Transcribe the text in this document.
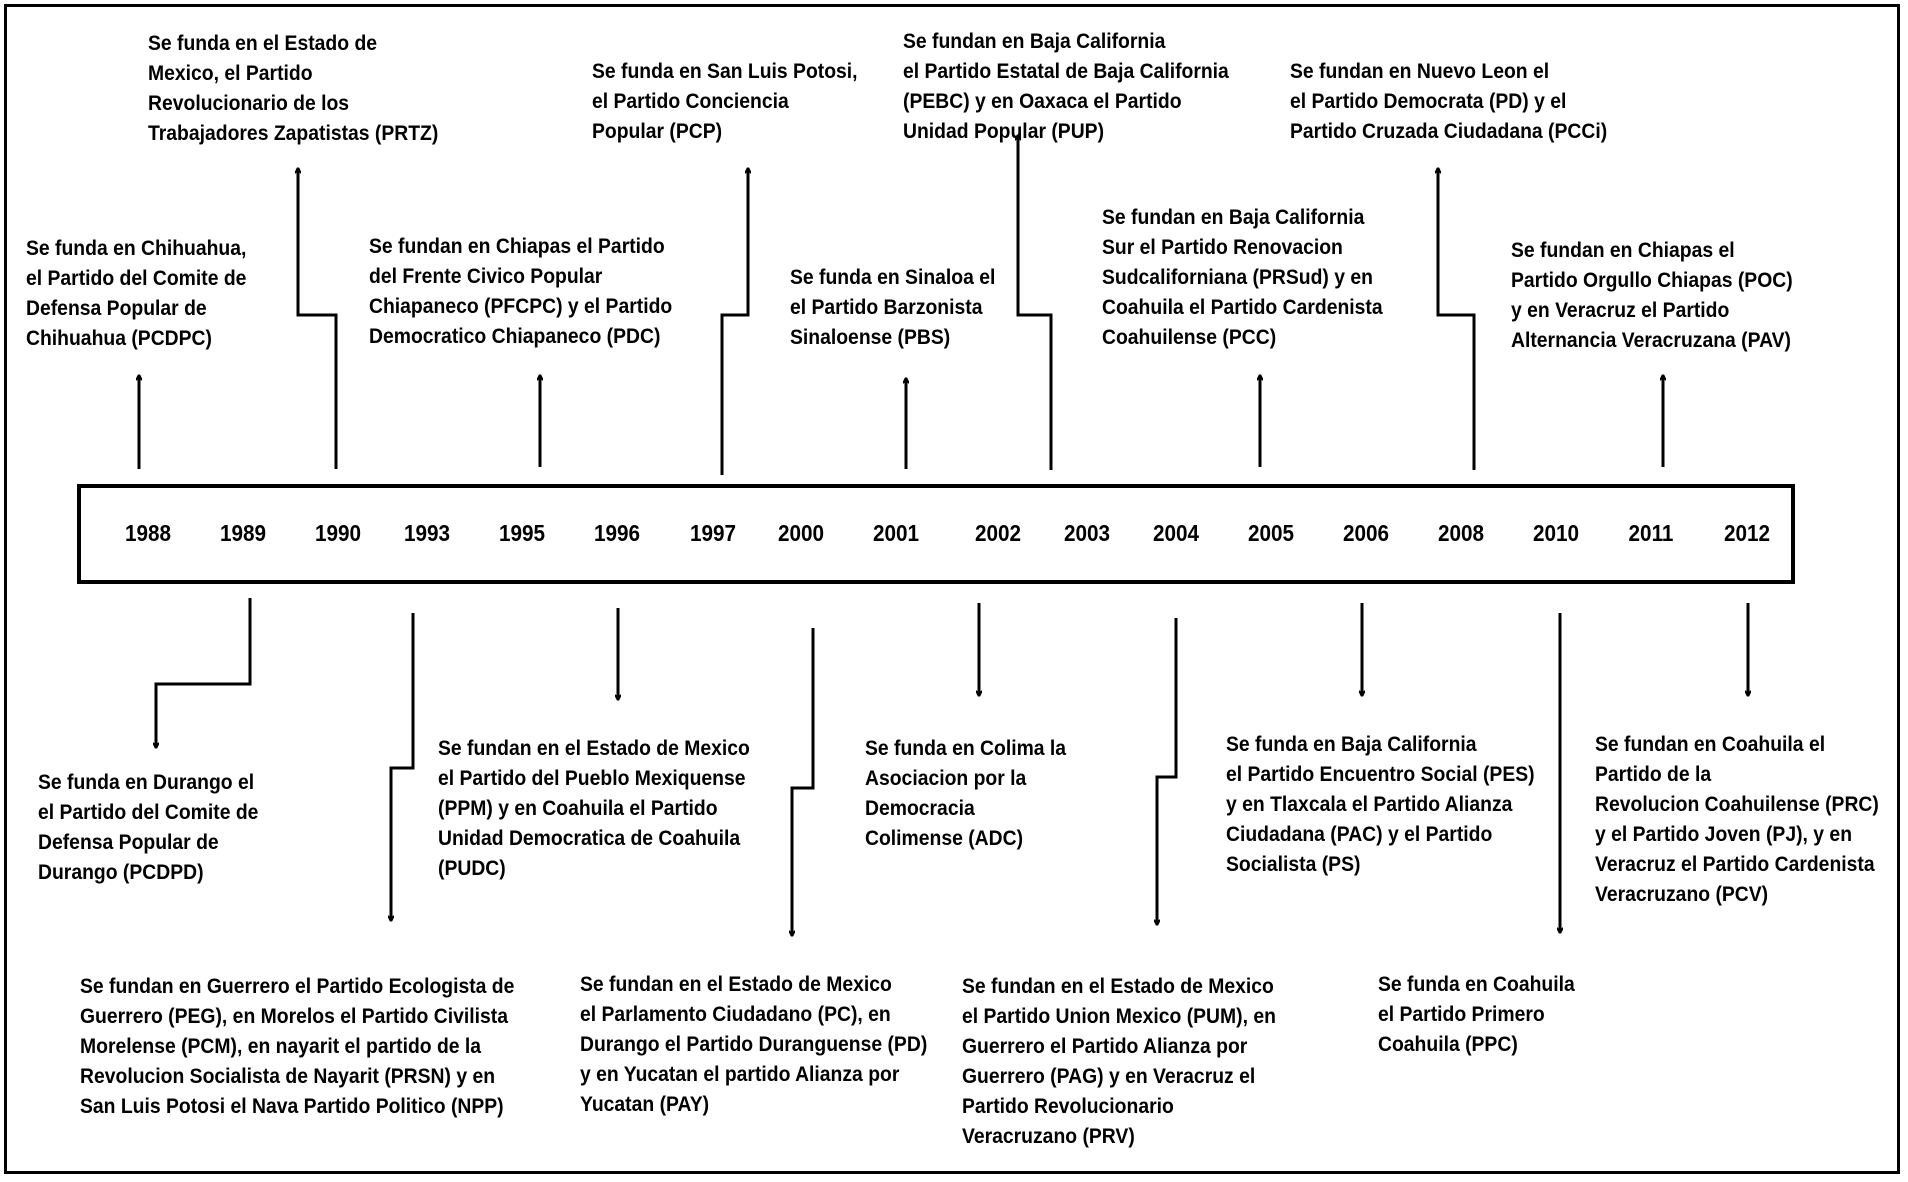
1988	1989	1990	1993	1995	1996	1997	2000	2001	2002	2003	2004	2005	2006	2008	2010	2011	2012
Se funda en Chihuahua,
el Partido del Comite de
Defensa Popular de
Chihuahua (PCDPC)
Se funda en el Estado de
Mexico, el Partido
Revolucionario de los
Trabajadores Zapatistas (PRTZ)
Se fundan en Chiapas el Partido
del Frente Civico Popular
Chiapaneco (PFCPC) y el Partido
Democratico Chiapaneco (PDC)
Se funda en San Luis Potosi,
el Partido Conciencia
Popular (PCP)
Se funda en Sinaloa el
el Partido Barzonista
Sinaloense (PBS)
Se fundan en Baja California
el Partido Estatal de Baja California
(PEBC) y en Oaxaca el Partido
Unidad Popular (PUP)
Se fundan en Baja California
Sur el Partido Renovacion
Sudcaliforniana (PRSud) y en
Coahuila el Partido Cardenista
Coahuilense (PCC)
Se fundan en Nuevo Leon el
el Partido Democrata (PD) y el
Partido Cruzada Ciudadana (PCCi)
Se fundan en Chiapas el
Partido Orgullo Chiapas (POC)
y en Veracruz el Partido
Alternancia Veracruzana (PAV)
Se funda en Durango el
el Partido del Comite de
Defensa Popular de
Durango (PCDPD)
Se fundan en Guerrero el Partido Ecologista de
Guerrero (PEG), en Morelos el Partido Civilista
Morelense (PCM), en nayarit el partido de la
Revolucion Socialista de Nayarit (PRSN) y en
San Luis Potosi el Nava Partido Politico (NPP)
Se fundan en el Estado de Mexico
el Partido del Pueblo Mexiquense
(PPM) y en Coahuila el Partido
Unidad Democratica de Coahuila
(PUDC)
Se fundan en el Estado de Mexico
el Parlamento Ciudadano (PC), en
Durango el Partido Duranguense (PD)
y en Yucatan el partido Alianza por
Yucatan (PAY)
Se funda en Colima la
Asociacion por la
Democracia
Colimense (ADC)
Se fundan en el Estado de Mexico
el Partido Union Mexico (PUM), en
Guerrero el Partido Alianza por
Guerrero (PAG) y en Veracruz el
Partido Revolucionario
Veracruzano (PRV)
Se funda en Baja California
el Partido Encuentro Social (PES)
y en Tlaxcala el Partido Alianza
Ciudadana (PAC) y el Partido
Socialista (PS)
Se funda en Coahuila
el Partido Primero
Coahuila (PPC)
Se fundan en Coahuila el
Partido de la
Revolucion Coahuilense (PRC)
y el Partido Joven (PJ), y en
Veracruz el Partido Cardenista
Veracruzano (PCV)
